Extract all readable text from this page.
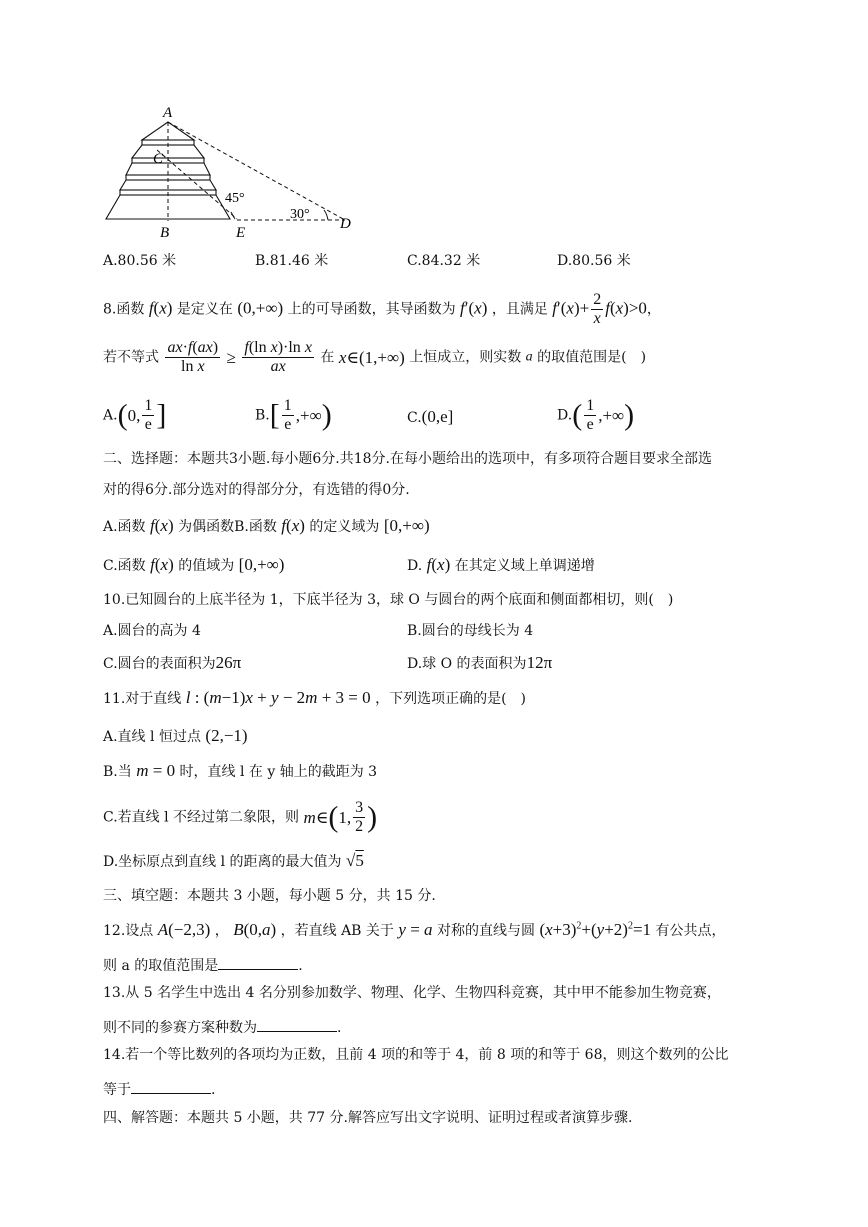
A
C
45°
30°
D
B	E
A.80.56 米	B.81.46 米	C.84.32 米	D.80.56 米
8.函数 f(x) 是定义在 (0,+∞) 上的可导函数，其导函数为 f′(x) ，且满足 $f'(x)+ \frac{2}{x} f(x)>0$，
若不等式 $\frac{ax\cdot f(ax)}{\text{ln x}} \ge \frac{\text{f(ln x)·ln x}}{ax}$ 在 x∈(1,+∞) 上恒成立，则实数 a 的取值范围是(　)
A.(0, $\frac{1}{e}$ ]	$B.[ \frac{1}{e}$ ,+∞)	C.(0,e]	$D.( \frac{1}{e}$ ,+∞)
二、选择题：本题共3小题.每小题6分.共18分.在每小题给出的选项中，有多项符合题目要求全部选
对的得6分.部分选对的得部分分，有选错的得0分.
A.函数 f(x) 为偶函数B.函数 f(x) 的定义域为 [0,+∞)
C.函数 f(x) 的值域为 [0,+∞)	D. f(x) 在其定义域上单调递增
10.已知圆台的上底半径为 1，下底半径为 3，球 O 与圆台的两个底面和侧面都相切，则(　)
A.圆台的高为 4	B.圆台的母线长为 4
C.圆台的表面积为26π	D.球 O 的表面积为12π
11.对于直线 l : (m−1)x + y − 2m + 3 = 0 ，下列选项正确的是(　)
A.直线 l 恒过点 (2,−1)
B.当 m = 0 时，直线 l 在 y 轴上的截距为 3
C.若直线 l 不经过第二象限，则 m∈(1, $\frac{3}{2}$ )
D.坐标原点到直线 l 的距离的最大值为 √5
三、填空题：本题共 3 小题，每小题 5 分，共 15 分.
12.设点 A(−2,3) ， B(0,a) ，若直线 AB 关于 y = a 对称的直线与圆 $(x+3)^2+(y+2)^2=1$ 有公共点，
则 a 的取值范围是	.
13.从 5 名学生中选出 4 名分别参加数学、物理、化学、生物四科竞赛，其中甲不能参加生物竞赛，
则不同的参赛方案种数为	.
14.若一个等比数列的各项均为正数，且前 4 项的和等于 4，前 8 项的和等于 68，则这个数列的公比
等于	.
四、解答题：本题共 5 小题，共 77 分.解答应写出文字说明、证明过程或者演算步骤.
